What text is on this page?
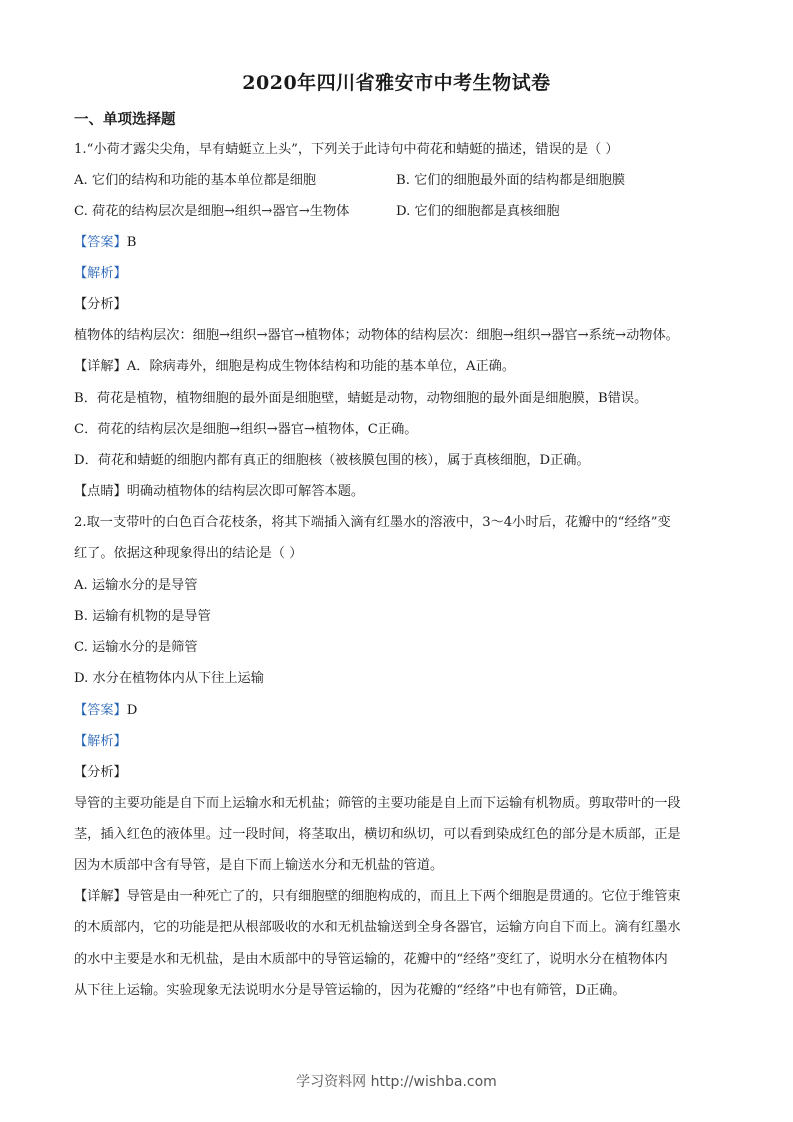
2020年四川省雅安市中考生物试卷
一、单项选择题
1.“小荷才露尖尖角，早有蜻蜓立上头”，下列关于此诗句中荷花和蜻蜓的描述，错误的是（ ）
A. 它们的结构和功能的基本单位都是细胞	B. 它们的细胞最外面的结构都是细胞膜
C. 荷花的结构层次是细胞→组织→器官→生物体	D. 它们的细胞都是真核细胞
【答案】B
【解析】
【分析】
植物体的结构层次：细胞→组织→器官→植物体；动物体的结构层次：细胞→组织→器官→系统→动物体。
【详解】A．除病毒外，细胞是构成生物体结构和功能的基本单位，A正确。
B．荷花是植物，植物细胞的最外面是细胞壁，蜻蜓是动物，动物细胞的最外面是细胞膜，B错误。
C．荷花的结构层次是细胞→组织→器官→植物体，C正确。
D．荷花和蜻蜓的细胞内都有真正的细胞核（被核膜包围的核），属于真核细胞，D正确。
【点睛】明确动植物体的结构层次即可解答本题。
2.取一支带叶的白色百合花枝条，将其下端插入滴有红墨水的溶液中，3～4小时后，花瓣中的“经络”变
红了。依据这种现象得出的结论是（ ）
A. 运输水分的是导管
B. 运输有机物的是导管
C. 运输水分的是筛管
D. 水分在植物体内从下往上运输
【答案】D
【解析】
【分析】
导管的主要功能是自下而上运输水和无机盐；筛管的主要功能是自上而下运输有机物质。剪取带叶的一段
茎，插入红色的液体里。过一段时间，将茎取出，横切和纵切，可以看到染成红色的部分是木质部，正是
因为木质部中含有导管，是自下而上输送水分和无机盐的管道。
【详解】导管是由一种死亡了的，只有细胞壁的细胞构成的，而且上下两个细胞是贯通的。它位于维管束
的木质部内，它的功能是把从根部吸收的水和无机盐输送到全身各器官，运输方向自下而上。滴有红墨水
的水中主要是水和无机盐，是由木质部中的导管运输的，花瓣中的“经络”变红了，说明水分在植物体内
从下往上运输。实验现象无法说明水分是导管运输的，因为花瓣的“经络”中也有筛管，D正确。
学习资料网 http://wishba.com
